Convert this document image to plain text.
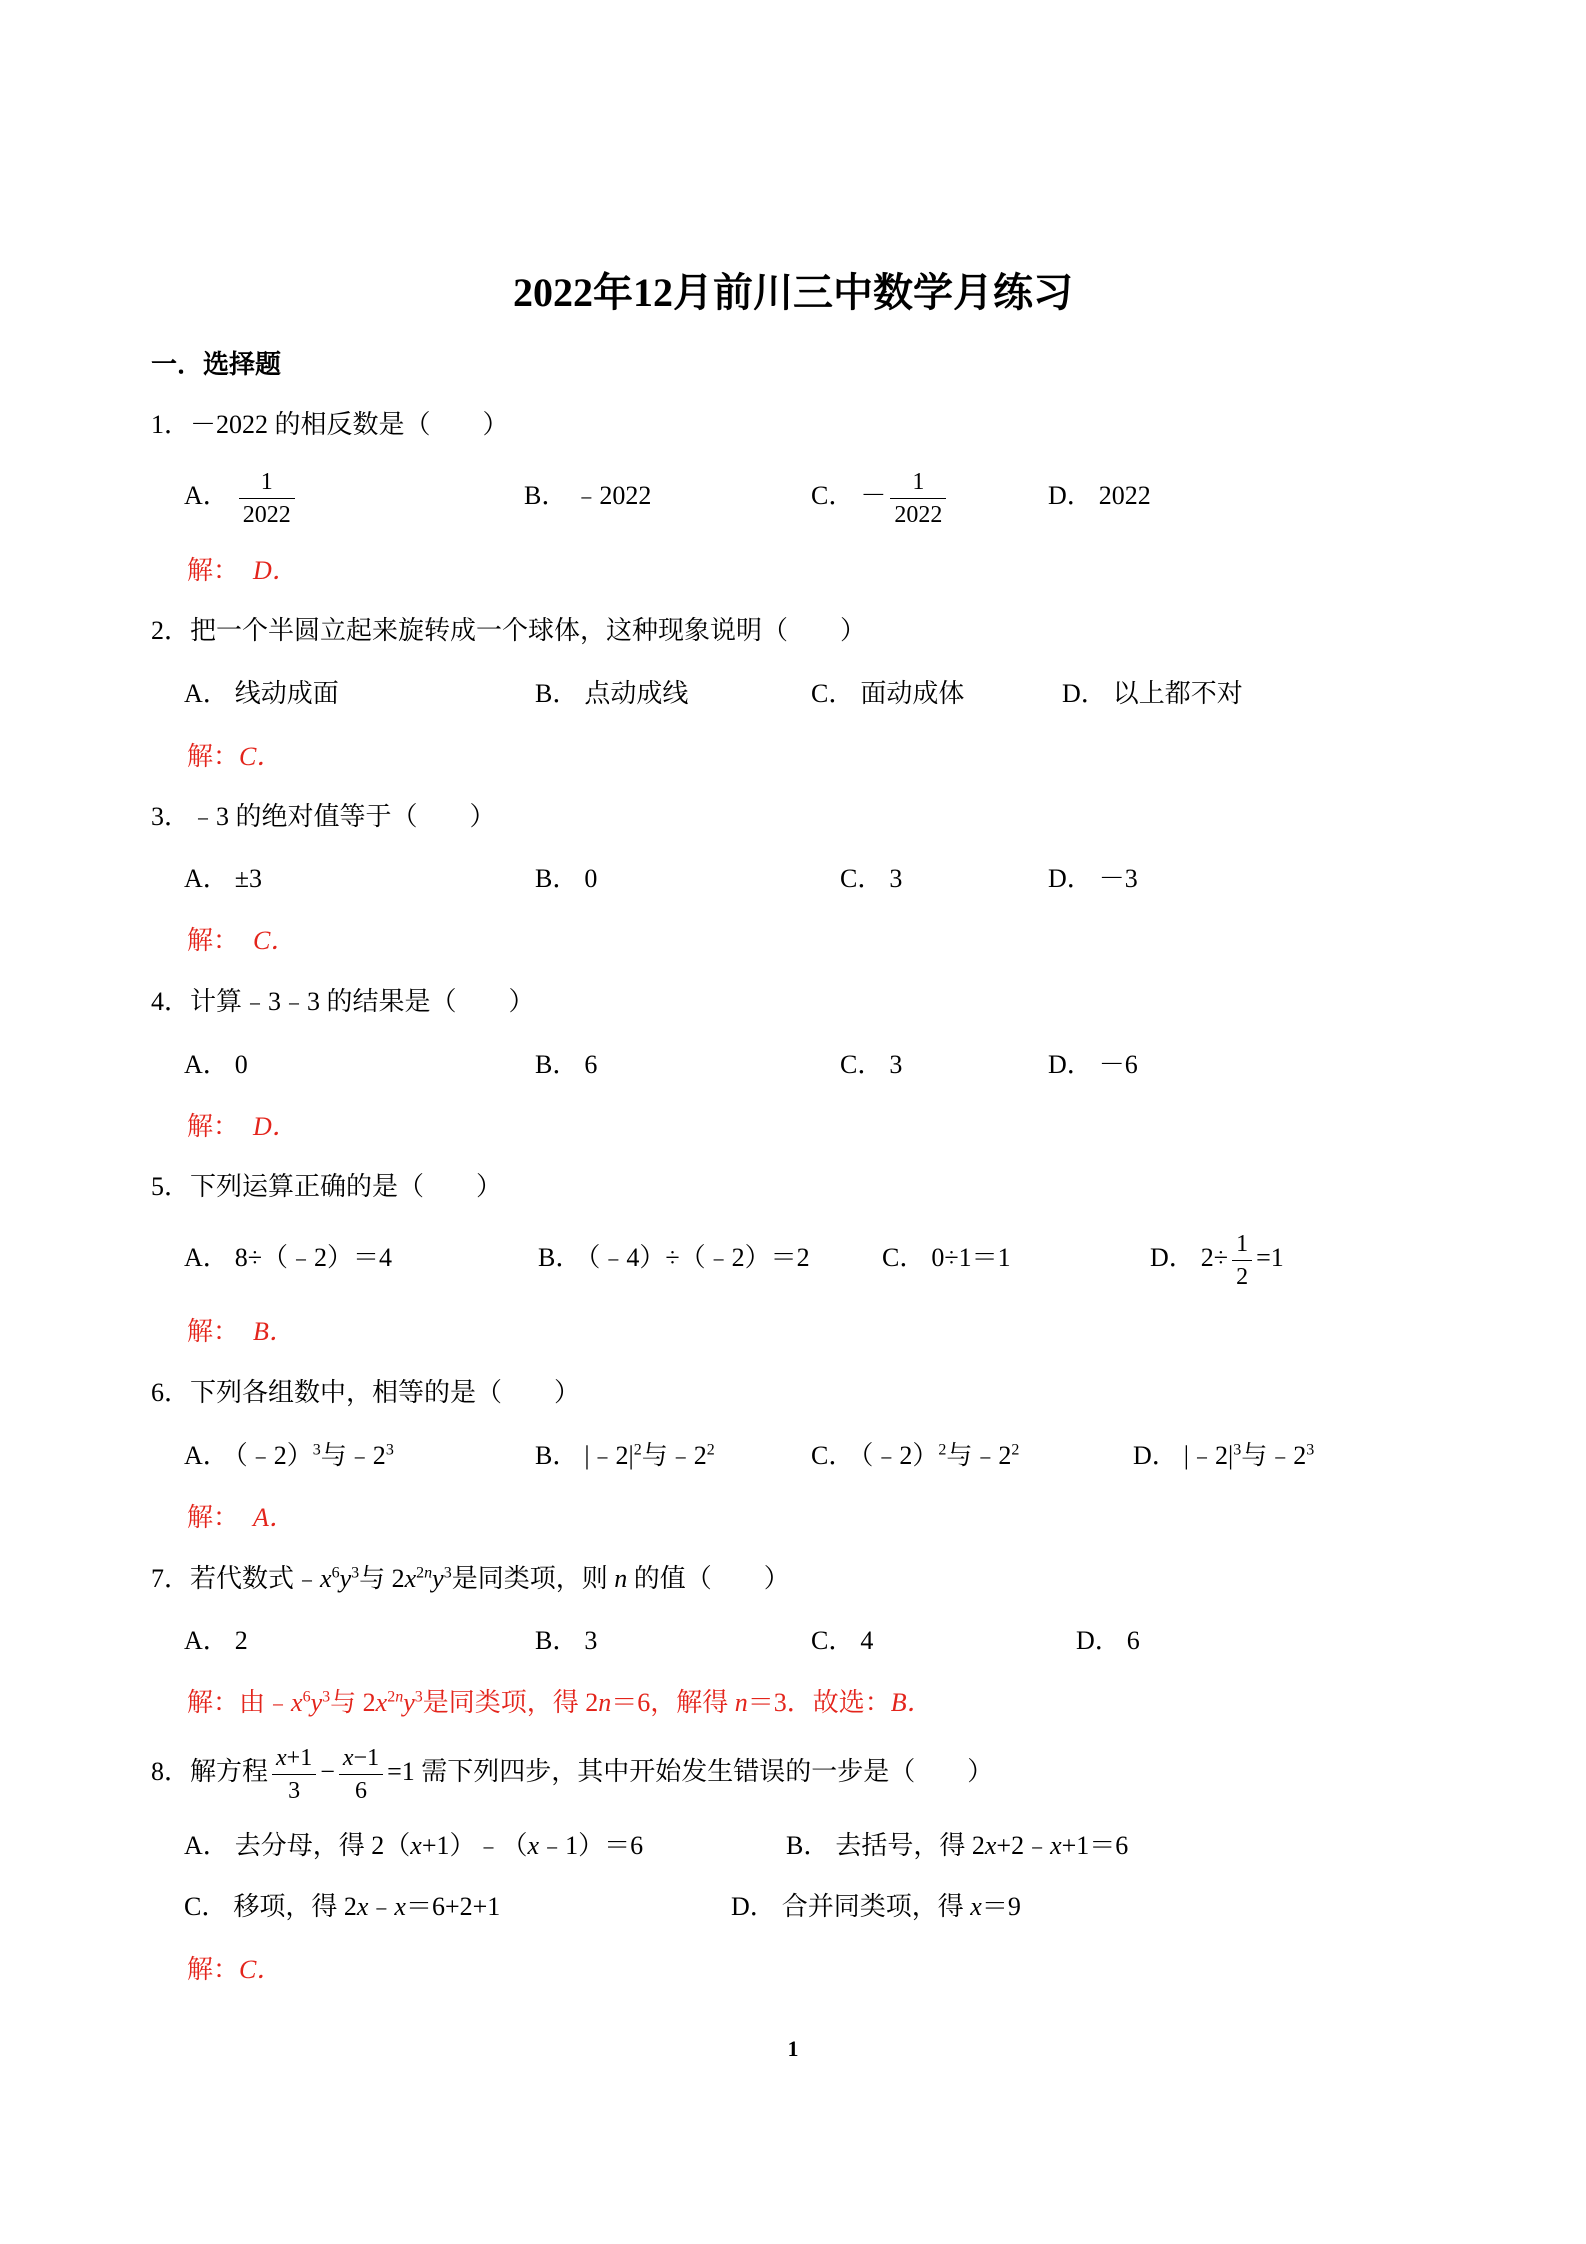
2022年12月前川三中数学月练习
一．选择题
1．－2022 的相反数是（　　）
A． $\frac{1}{2022}$	B． ﹣2022	C． － $\frac{1}{2022}$	D． 2022
解： D．
2．把一个半圆立起来旋转成一个球体，这种现象说明（　　）
A． 线动成面	B． 点动成线	C． 面动成体	D． 以上都不对
解：C．
3．﹣3 的绝对值等于（　　）
A． ±3	B． 0	C． 3	D． －3
解： C．
4．计算﹣3﹣3 的结果是（　　）
A． 0	B． 6	C． 3	D． －6
解： D．
5．下列运算正确的是（　　）
A． 8÷（﹣2）＝4	B． （﹣4）÷（﹣2）＝2	C． 0÷1＝1	D． $2\div \frac{1}{2} =1$
解： B．
6．下列各组数中，相等的是（　　）
A． （﹣2）$^3$与$﹣2^3$	B． $|﹣2|^2$与$﹣2^2$	C． （﹣2）$^2$与$﹣2^2$	D． $|﹣2|^3$与$﹣2^3$
解： A．
7．若代数式$﹣x^6y^3$与 $2x^{2n}y^3$是同类项，则 n 的值（　　）
A． 2	B． 3	C． 4	D． 6
解：由$﹣x^6y^3$与 $2x^{2n}y^3$是同类项，得 2n＝6，解得 n＝3．故选：B．
8．解方程 $\frac{x+1}{3} - \frac{x-1}{6} =1$ 需下列四步，其中开始发生错误的一步是（　　）
A． 去分母，得 2（x+1）﹣（x﹣1）＝6	B． 去括号，得 2x+2﹣x+1＝6
C． 移项，得 2x﹣x＝6+2+1	D． 合并同类项，得 x＝9
解：C．
1
